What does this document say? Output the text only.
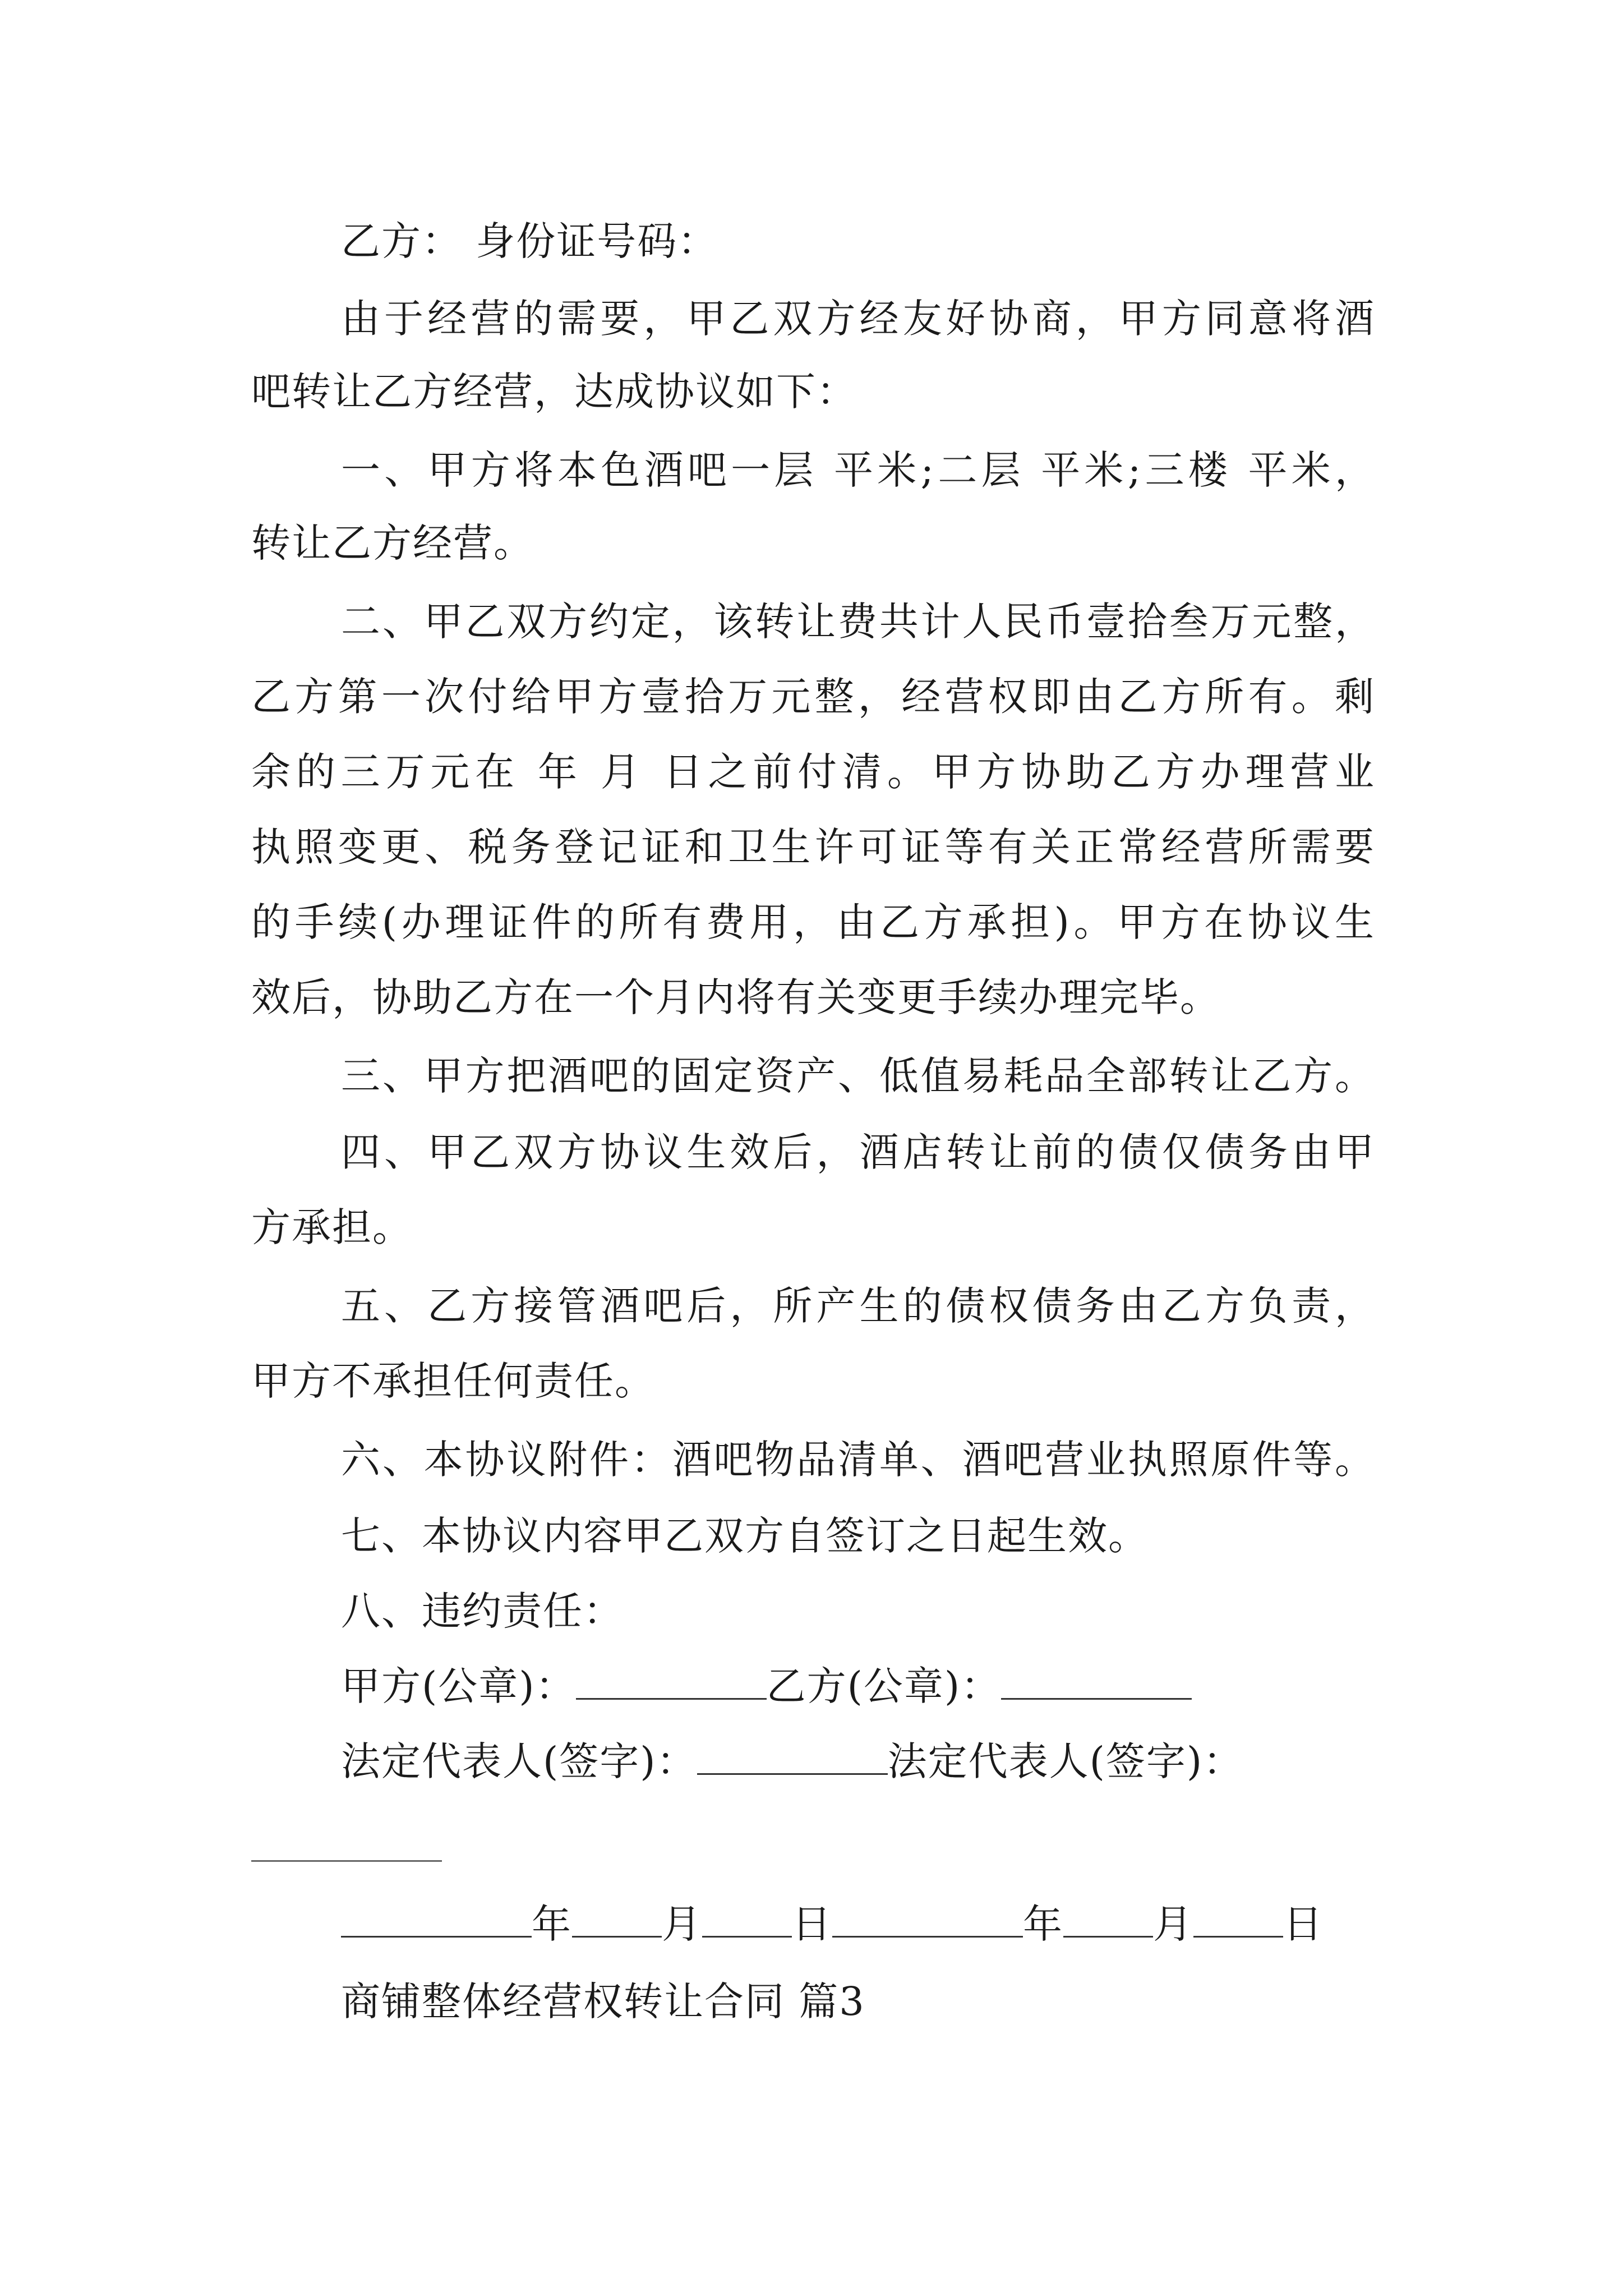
乙方： 身份证号码：
由于经营的需要，甲乙双方经友好协商，甲方同意将酒
吧转让乙方经营，达成协议如下：
一、甲方将本色酒吧一层 平米;二层 平米;三楼 平米，
转让乙方经营。
二、甲乙双方约定，该转让费共计人民币壹拾叁万元整，
乙方第一次付给甲方壹拾万元整，经营权即由乙方所有。剩
余的三万元在 年 月 日之前付清。甲方协助乙方办理营业
执照变更、税务登记证和卫生许可证等有关正常经营所需要
的手续(办理证件的所有费用，由乙方承担)。甲方在协议生
效后，协助乙方在一个月内将有关变更手续办理完毕。
三、甲方把酒吧的固定资产、低值易耗品全部转让乙方。
四、甲乙双方协议生效后，酒店转让前的债仅债务由甲
方承担。
五、乙方接管酒吧后，所产生的债权债务由乙方负责，
甲方不承担任何责任。
六、本协议附件：酒吧物品清单、酒吧营业执照原件等。
七、本协议内容甲乙双方自签订之日起生效。
八、违约责任：
甲方(公章)：	乙方(公章)：
法定代表人(签字)：	法定代表人(签字)：
年 月 日	年 月 日
商铺整体经营权转让合同 篇3
